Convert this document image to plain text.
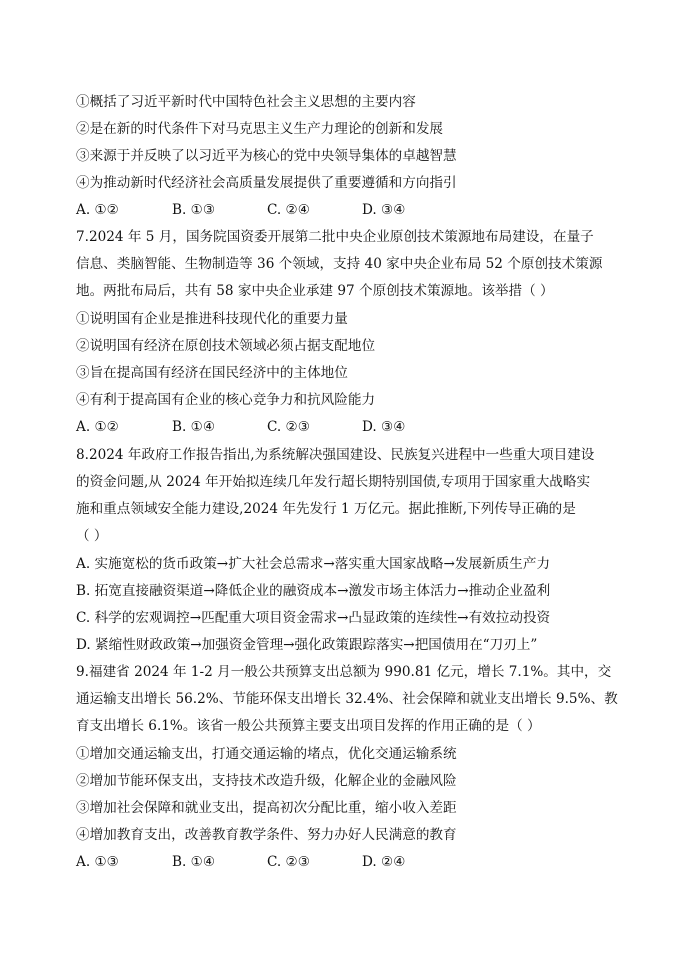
①概括了习近平新时代中国特色社会主义思想的主要内容
②是在新的时代条件下对马克思主义生产力理论的创新和发展
③来源于并反映了以习近平为核心的党中央领导集体的卓越智慧
④为推动新时代经济社会高质量发展提供了重要遵循和方向指引
A. ①②	B. ①③	C. ②④	D. ③④
7.2024 年 5 月，国务院国资委开展第二批中央企业原创技术策源地布局建设，在量子
信息、类脑智能、生物制造等 36 个领域，支持 40 家中央企业布局 52 个原创技术策源
地。两批布局后，共有 58 家中央企业承建 97 个原创技术策源地。该举措（ ）
①说明国有企业是推进科技现代化的重要力量
②说明国有经济在原创技术领域必须占据支配地位
③旨在提高国有经济在国民经济中的主体地位
④有利于提高国有企业的核心竞争力和抗风险能力
A. ①②	B. ①④	C. ②③	D. ③④
8.2024 年政府工作报告指出,为系统解决强国建设、民族复兴进程中一些重大项目建设
的资金问题,从 2024 年开始拟连续几年发行超长期特别国债,专项用于国家重大战略实
施和重点领域安全能力建设,2024 年先发行 1 万亿元。据此推断,下列传导正确的是
（ ）
A. 实施宽松的货币政策→扩大社会总需求→落实重大国家战略→发展新质生产力
B. 拓宽直接融资渠道→降低企业的融资成本→激发市场主体活力→推动企业盈利
C. 科学的宏观调控→匹配重大项目资金需求→凸显政策的连续性→有效拉动投资
D. 紧缩性财政政策→加强资金管理→强化政策跟踪落实→把国债用在“刀刃上”
9.福建省 2024 年 1-2 月一般公共预算支出总额为 990.81 亿元，增长 7.1%。其中，交
通运输支出增长 56.2%、节能环保支出增长 32.4%、社会保障和就业支出增长 9.5%、教
育支出增长 6.1%。该省一般公共预算主要支出项目发挥的作用正确的是（ ）
①增加交通运输支出，打通交通运输的堵点，优化交通运输系统
②增加节能环保支出，支持技术改造升级，化解企业的金融风险
③增加社会保障和就业支出，提高初次分配比重，缩小收入差距
④增加教育支出，改善教育教学条件、努力办好人民满意的教育
A. ①③	B. ①④	C. ②③	D. ②④
